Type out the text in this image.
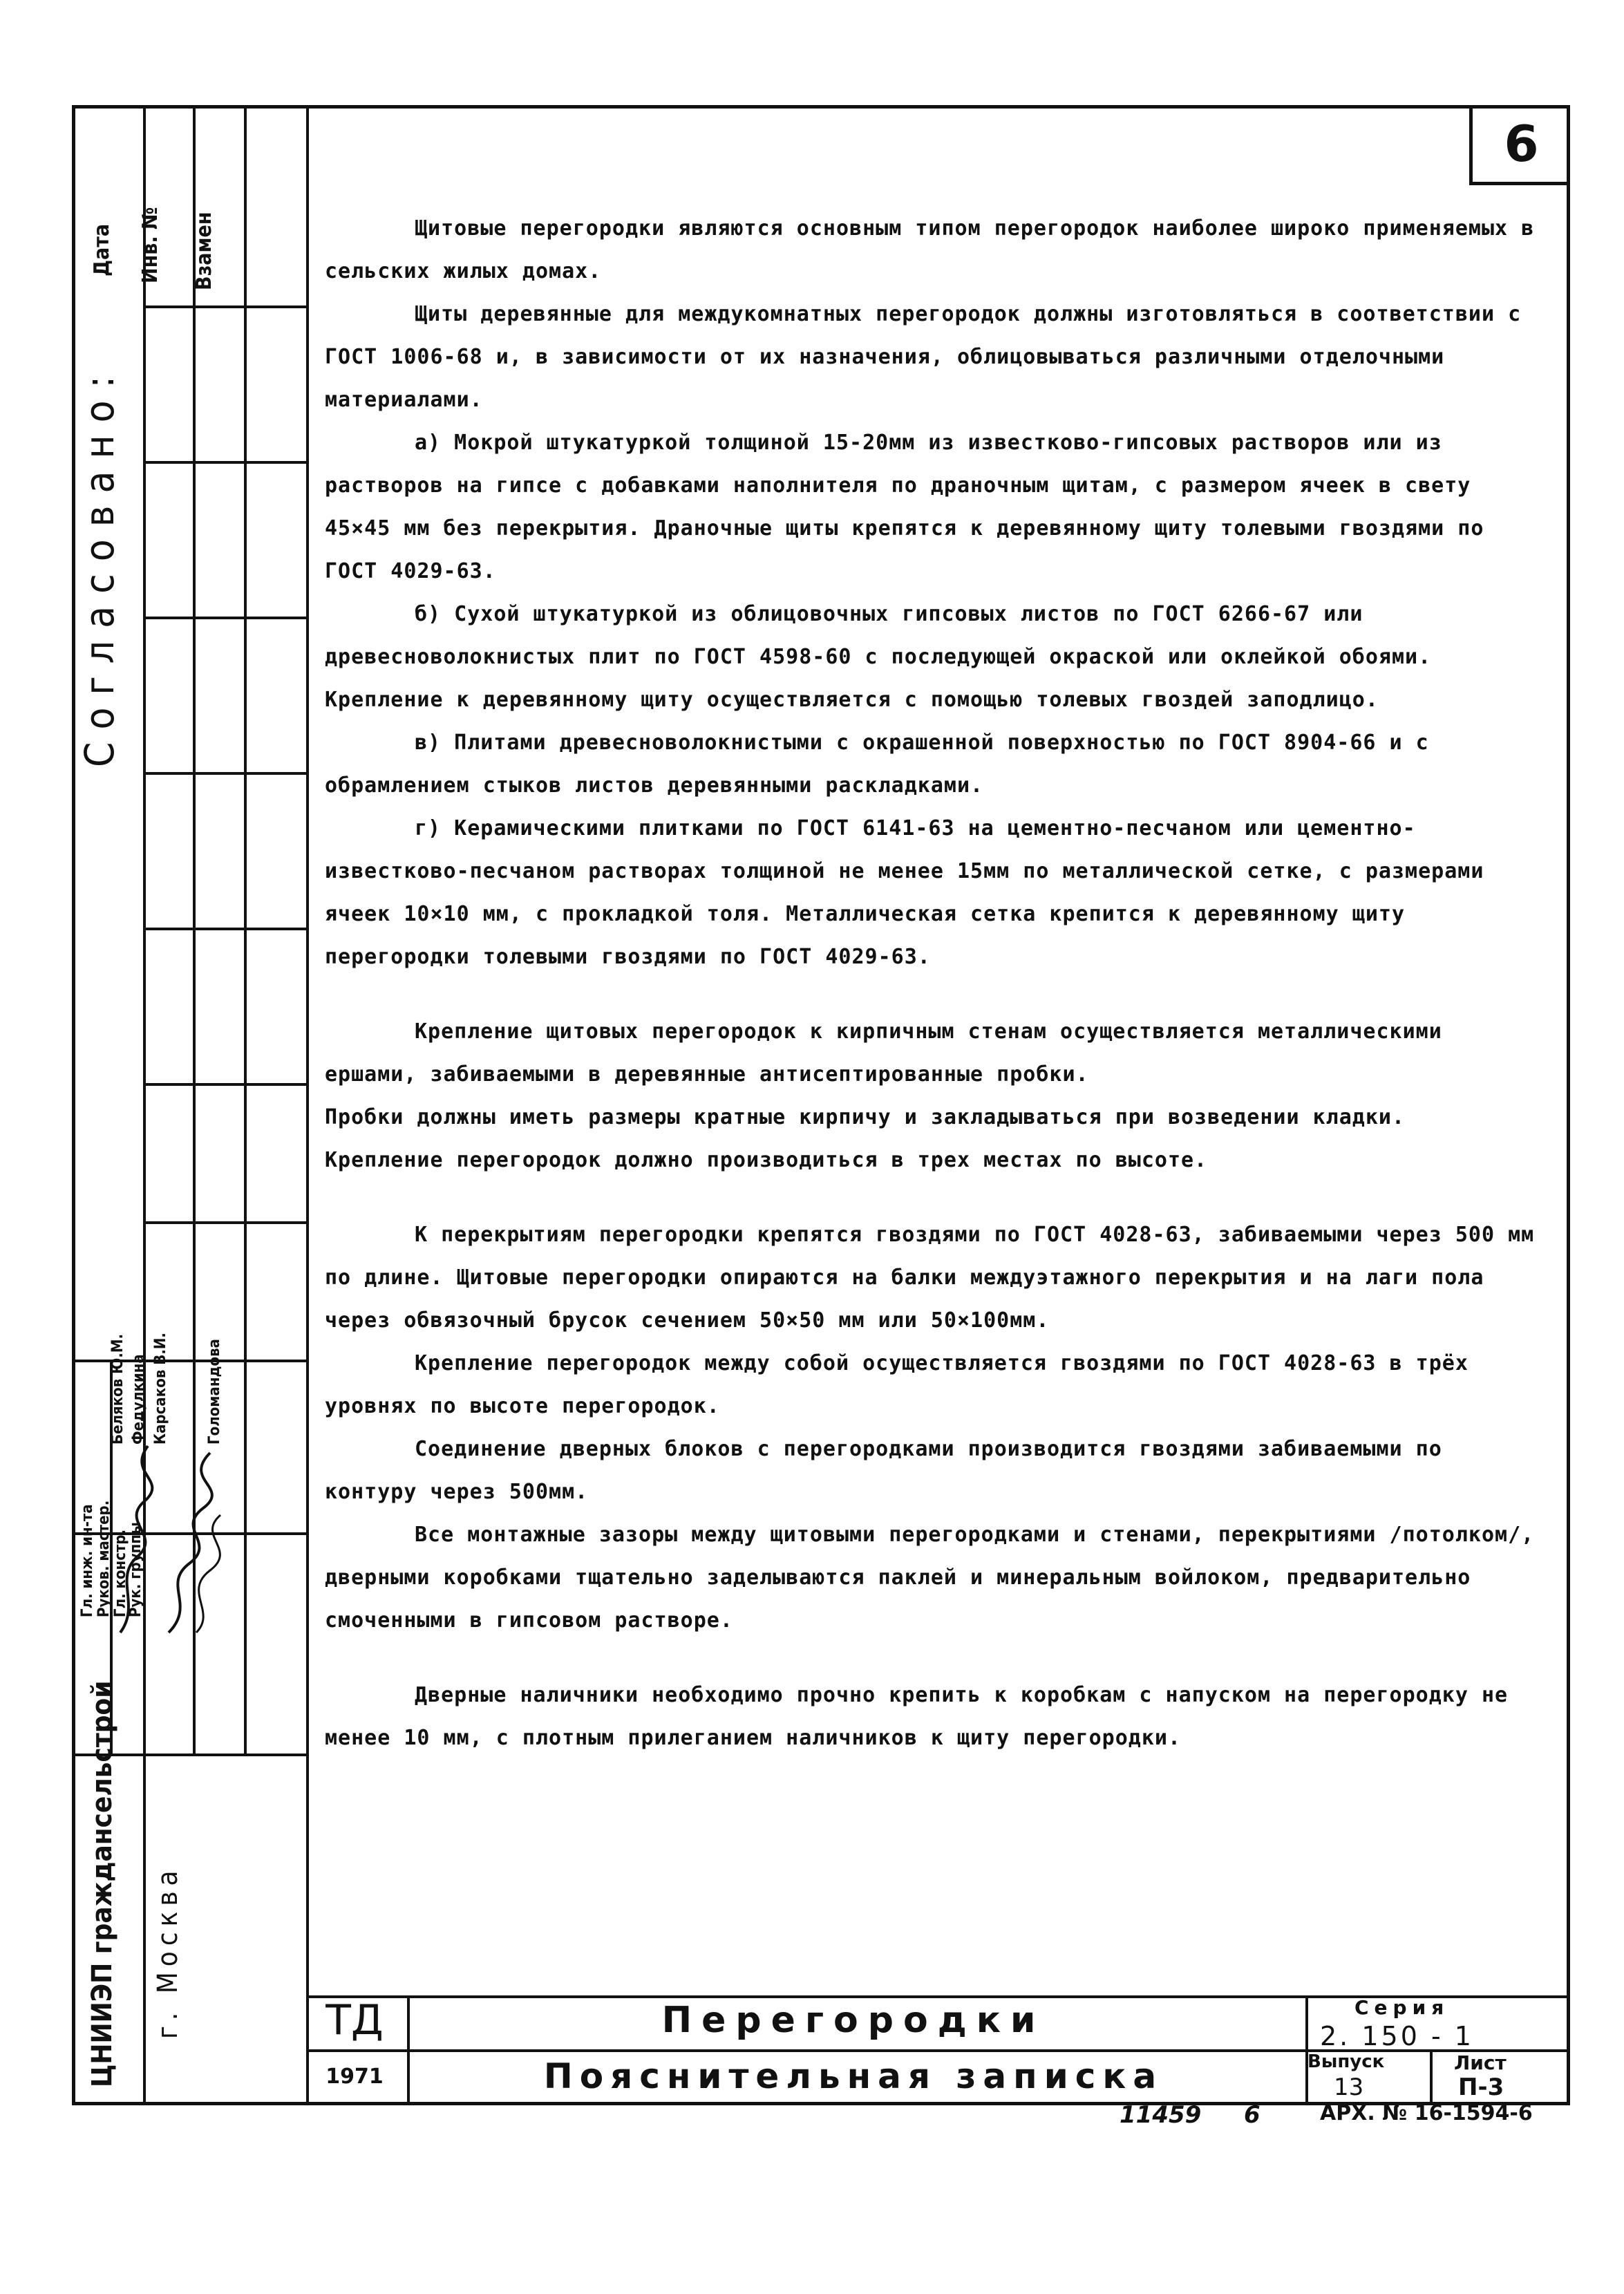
6
Дата Инв. № Взамен
Согласовано:
Гл. инж. ин-та Руков. мастер. Гл. констр.
Рук. группы
Беляков Ю.М. Федулкина Карсаков В.И. Голомандова
ЦНИИЭП граждансельстрой г. Москва

Щитовые перегородки являются основным типом перегородок наиболее широко применяемых в сельских жилых домах.

Щиты деревянные для междукомнатных перегородок должны изготовляться в соответствии с ГОСТ 1006-68 и, в зависимости от их назначения, облицовываться различными отделочными материалами.

а) Мокрой штукатуркой толщиной 15-20мм из известково-гипсовых растворов или из растворов на гипсе с добавками наполнителя по драночным щитам, с размером ячеек в свету 45×45 мм без перекрытия. Драночные щиты крепятся к деревянному щиту толевыми гвоздями по ГОСТ 4029-63.

б) Сухой штукатуркой из облицовочных гипсовых листов по ГОСТ 6266-67 или древесноволокнистых плит по ГОСТ 4598-60 с последующей окраской или оклейкой обоями. Крепление к деревянному щиту осуществляется с помощью толевых гвоздей заподлицо.

в) Плитами древесноволокнистыми с окрашенной поверхностью по ГОСТ 8904-66 и с обрамлением стыков листов деревянными раскладками.

г) Керамическими плитками по ГОСТ 6141-63 на цементно-песчаном или цементно-известково-песчаном растворах толщиной не менее 15мм по металлической сетке, с размерами ячеек 10×10 мм, с прокладкой толя. Металлическая сетка крепится к деревянному щиту перегородки толевыми гвоздями по ГОСТ 4029-63.

Крепление щитовых перегородок к кирпичным стенам осуществляется металлическими ершами, забиваемыми в деревянные антисептированные пробки.

Пробки должны иметь размеры кратные кирпичу и закладываться при возведении кладки.

Крепление перегородок должно производиться в трех местах по высоте.

К перекрытиям перегородки крепятся гвоздями по ГОСТ 4028-63, забиваемыми через 500 мм по длине. Щитовые перегородки опираются на балки междуэтажного перекрытия и на лаги пола через обвязочный брусок сечением 50×50 мм или 50×100мм.

Крепление перегородок между собой осуществляется гвоздями по ГОСТ 4028-63 в трёх уровнях по высоте перегородок.

Соединение дверных блоков с перегородками производится гвоздями забиваемыми по контуру через 500мм.

Все монтажные зазоры между щитовыми перегородками и стенами, перекрытиями /потолком/, дверными коробками тщательно заделываются паклей и минеральным войлоком, предварительно смоченными в гипсовом растворе.

Дверные наличники необходимо прочно крепить к коробкам с напуском на перегородку не менее 10 мм, с плотным прилеганием наличников к щиту перегородки.

ТД
1971
Перегородки
Пояснительная записка
Серия
2. 150 - 1
Выпуск
13
Лист
П-3
11459 6	АРХ. № 16-1594-6
